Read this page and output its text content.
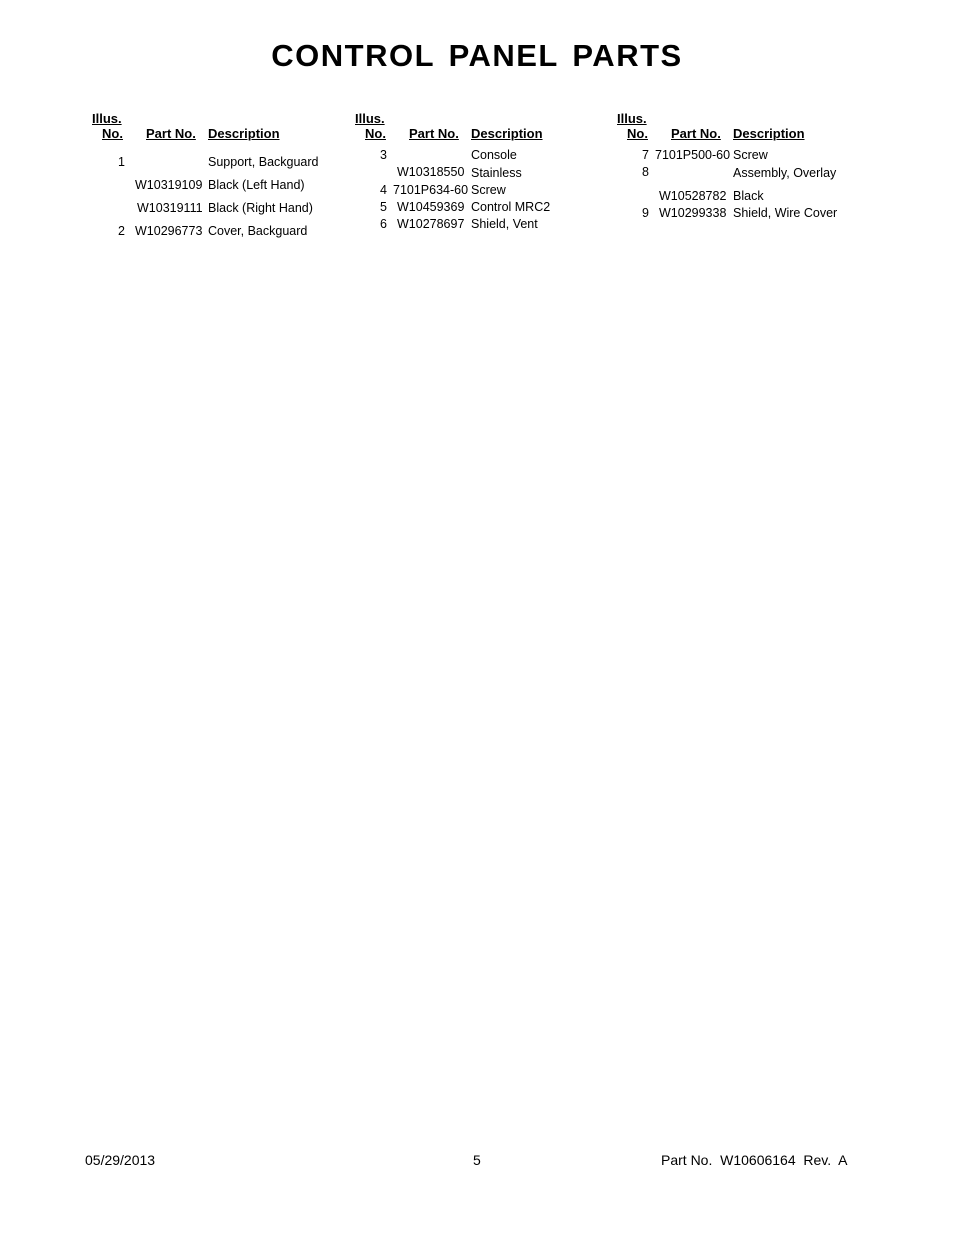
CONTROL PANEL PARTS
Illus.
No. Part No. Description
1	Support, Backguard
W10319109 Black (Left Hand)
W10319111 Black (Right Hand)
2 W10296773 Cover, Backguard
Illus.
No. Part No. Description
3	Console
W10318550 Stainless
4 7101P634-60 Screw
5 W10459369 Control MRC2
6 W10278697 Shield, Vent
Illus.
No. Part No. Description
7 7101P500-60 Screw
8	Assembly, Overlay
W10528782 Black
9 W10299338 Shield, Wire Cover
05/29/2013	5	Part No.  W10606164  Rev.  A
